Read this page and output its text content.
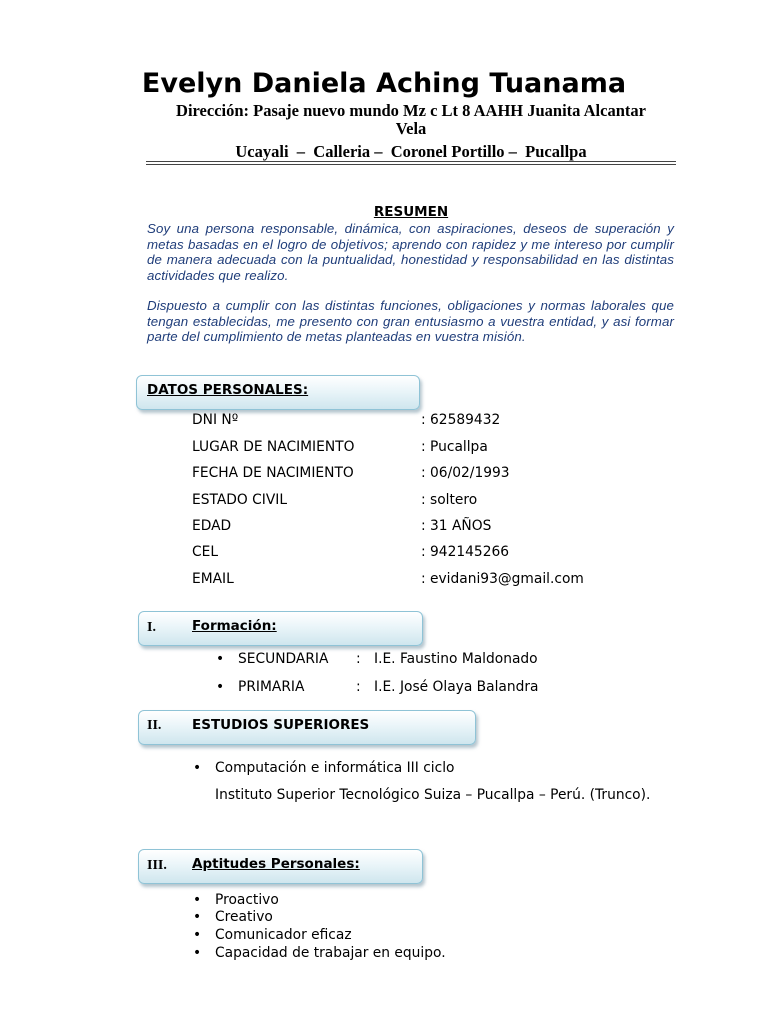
Evelyn Daniela Aching Tuanama
Dirección: Pasaje nuevo mundo Mz c Lt 8 AAHH Juanita Alcantar
Vela
Ucayali  –  Calleria –  Coronel Portillo –  Pucallpa
RESUMEN
Soy una persona responsable, dinámica, con aspiraciones, deseos de superación y metas basadas en el logro de objetivos; aprendo con rapidez y me intereso por cumplir de manera adecuada con la puntualidad, honestidad y responsabilidad en las distintas actividades que realizo.
Dispuesto a cumplir con las distintas funciones, obligaciones y normas laborales que tengan establecidas, me presento con gran entusiasmo a vuestra entidad, y asi formar parte del cumplimiento de metas planteadas en vuestra misión.
DATOS PERSONALES:
DNI Nº	: 62589432
LUGAR DE NACIMIENTO	: Pucallpa
FECHA DE NACIMIENTO	: 06/02/1993
ESTADO CIVIL	: soltero
EDAD	: 31 AÑOS
CEL	: 942145266
EMAIL	: evidani93@gmail.com
I.	Formación:
• SECUNDARIA : I.E. Faustino Maldonado
• PRIMARIA	: I.E. José Olaya Balandra
II. ESTUDIOS SUPERIORES
• Computación e informática III ciclo
Instituto Superior Tecnológico Suiza – Pucallpa – Perú. (Trunco).
III. Aptitudes Personales:
• Proactivo
• Creativo
• Comunicador eficaz
• Capacidad de trabajar en equipo.
